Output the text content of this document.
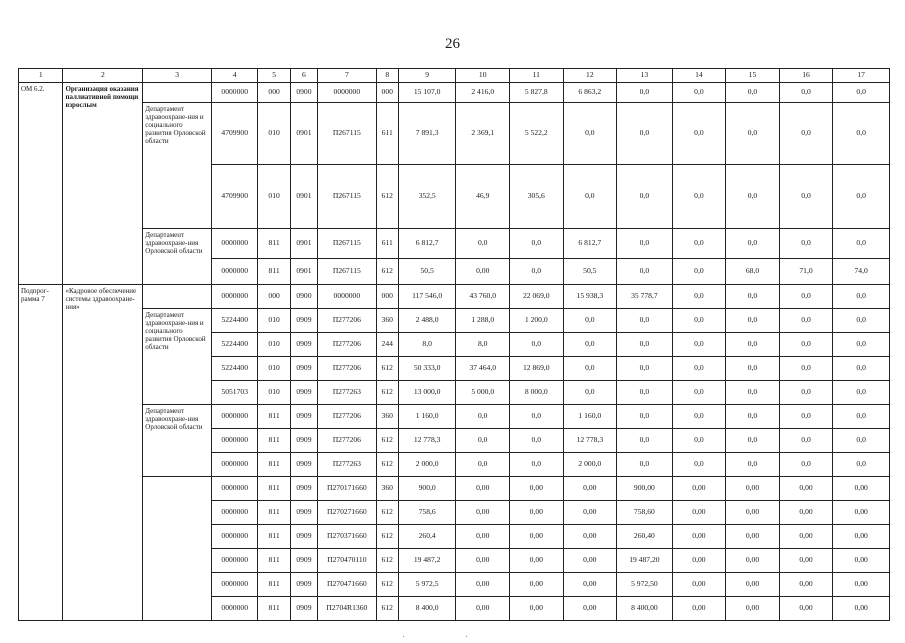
26
1	2	3	4	5	6	7	8	9	10	11	12	13	14	15	16	17
ОМ 6.2.	Организация оказания паллиативной помощи взрослым		0000000	000	0900	0000000	000	15 107,0	2 416,0	5 827,8	6 863,2	0,0	0,0	0,0	0,0	0,0
		Департамент здравоохране-ния и социального развития Орловской области	4709900	010	0901	П267115	611	7 891,3	2 369,1	5 522,2	0,0	0,0	0,0	0,0	0,0	0,0
			4709900	010	0901	П267115	612	352,5	46,9	305,6	0,0	0,0	0,0	0,0	0,0	0,0
		Департамент здравоохране-ния Орловской области	0000000	811	0901	П267115	611	6 812,7	0,0	0,0	6 812,7	0,0	0,0	0,0	0,0	0,0
			0000000	811	0901	П267115	612	50,5	0,00	0,0	50,5	0,0	0,0	68,0	71,0	74,0
Подпрог-рамма 7	«Кадровое обеспечение системы здравоохране-ния»		0000000	000	0900	0000000	000	117 546,0	43 760,0	22 069,0	15 938,3	35 778,7	0,0	0,0	0,0	0,0
		Департамент здравоохране-ния и социального развития Орловской области	5224400	010	0909	П277206	360	2 488,0	1 288,0	1 200,0	0,0	0,0	0,0	0,0	0,0	0,0
			5224400	010	0909	П277206	244	8,0	8,0	0,0	0,0	0,0	0,0	0,0	0,0	0,0
			5224400	010	0909	П277206	612	50 333,0	37 464,0	12 869,0	0,0	0,0	0,0	0,0	0,0	0,0
			5051703	010	0909	П277263	612	13 000,0	5 000,0	8 000,0	0,0	0,0	0,0	0,0	0,0	0,0
		Департамент здравоохране-ния Орловской области	0000000	811	0909	П277206	360	1 160,0	0,0	0,0	1 160,0	0,0	0,0	0,0	0,0	0,0
			0000000	811	0909	П277206	612	12 778,3	0,0	0,0	12 778,3	0,0	0,0	0,0	0,0	0,0
			0000000	811	0909	П277263	612	2 000,0	0,0	0,0	2 000,0	0,0	0,0	0,0	0,0	0,0
			0000000	811	0909	П270171660	360	900,0	0,00	0,00	0,00	900,00	0,00	0,00	0,00	0,00
			0000000	811	0909	П270271660	612	758,6	0,00	0,00	0,00	758,60	0,00	0,00	0,00	0,00
			0000000	811	0909	П270371660	612	260,4	0,00	0,00	0,00	260,40	0,00	0,00	0,00	0,00
			0000000	811	0909	П270470110	612	19 487,2	0,00	0,00	0,00	19 487,20	0,00	0,00	0,00	0,00
			0000000	811	0909	П270471660	612	5 972,5	0,00	0,00	0,00	5 972,50	0,00	0,00	0,00	0,00
			0000000	811	0909	П2704R1360	612	8 400,0	0,00	0,00	0,00	8 400,00	0,00	0,00	0,00	0,00
·	·
